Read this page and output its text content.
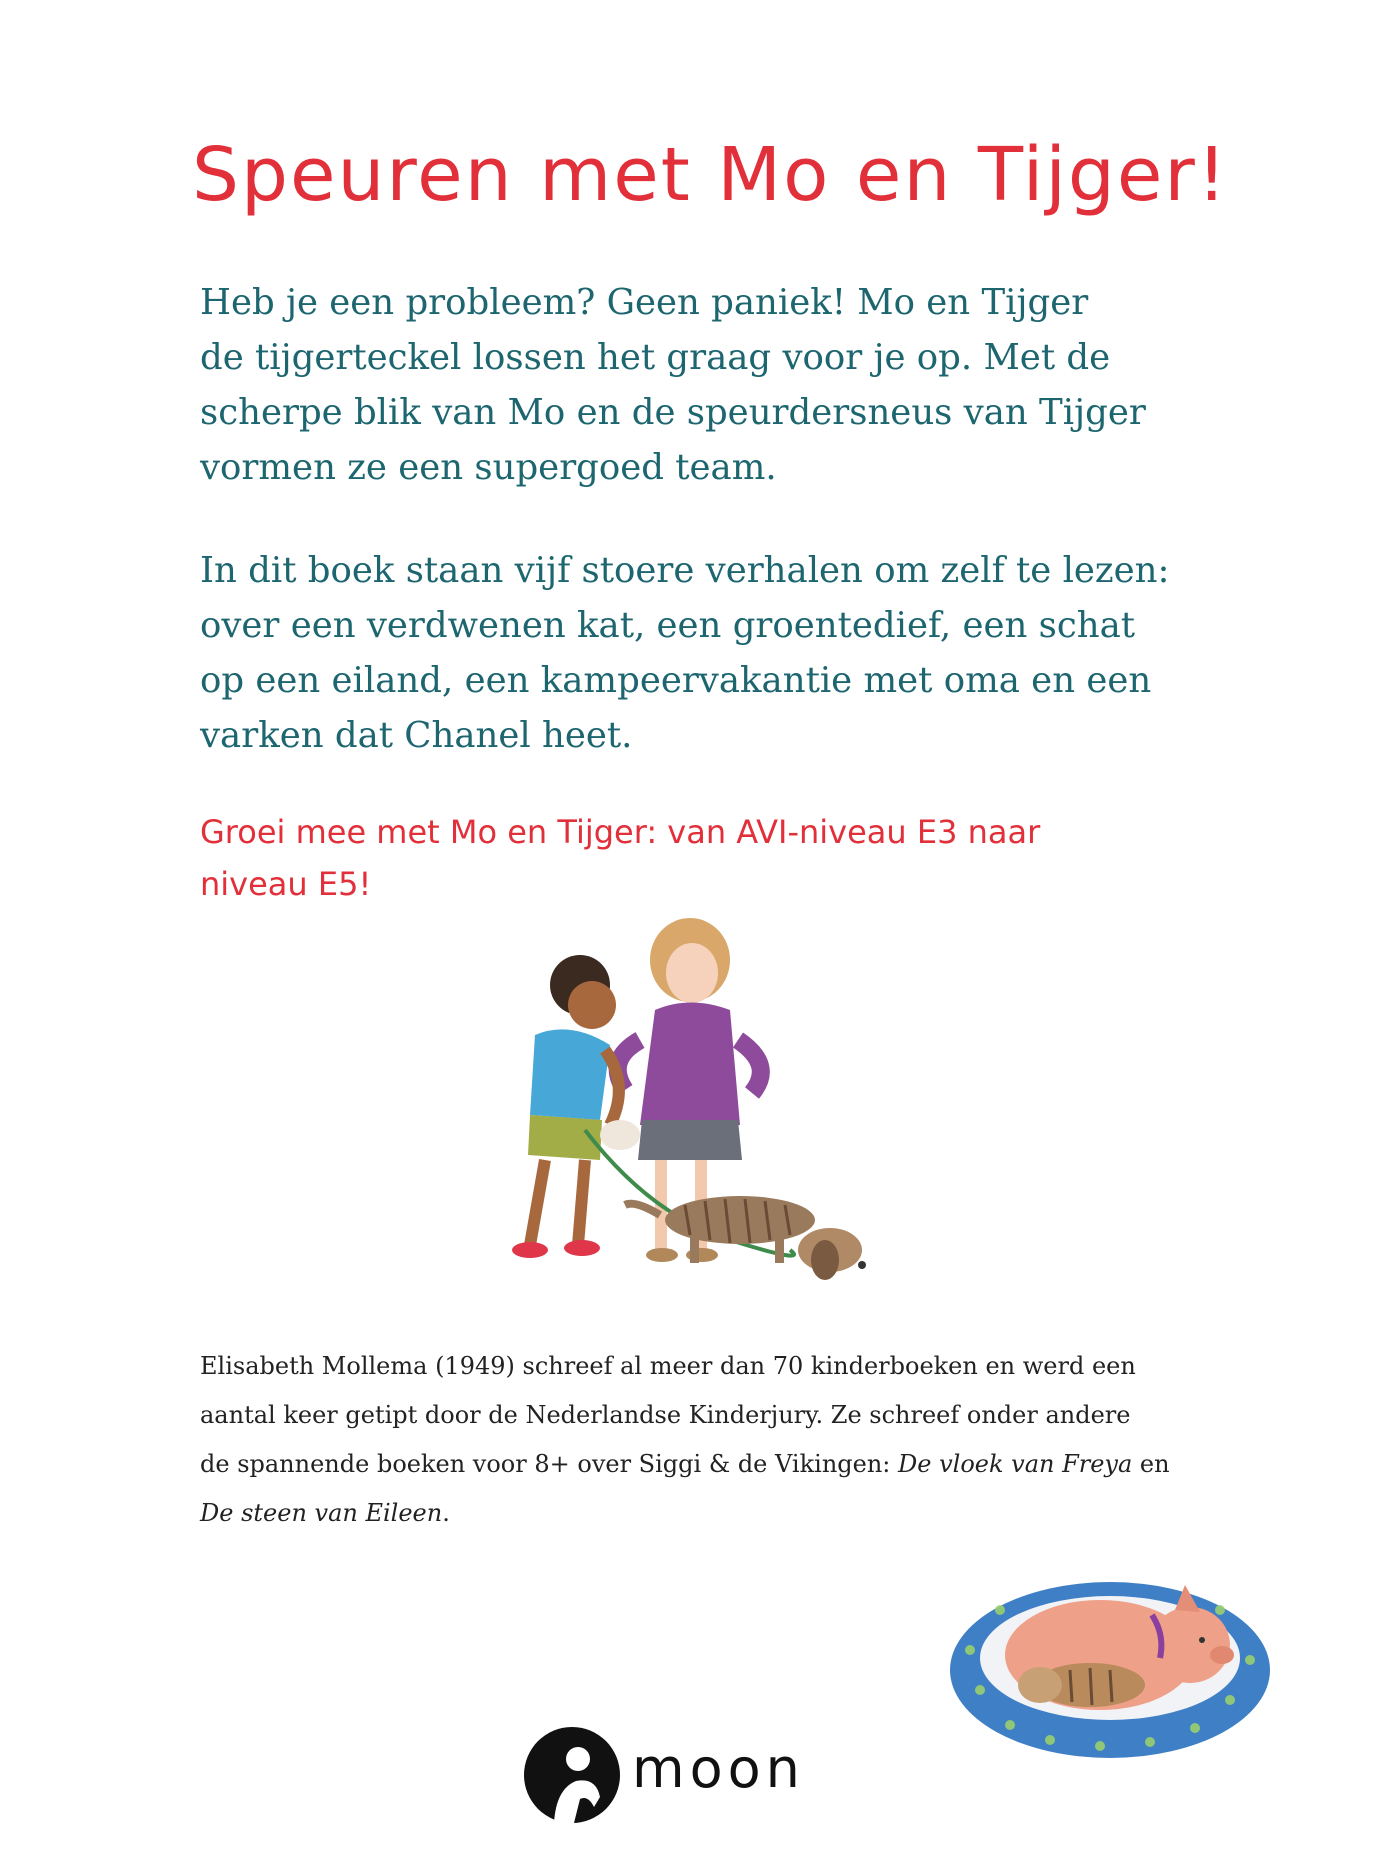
Speuren met Mo en Tijger!

Heb je een probleem? Geen paniek! Mo en Tijger
de tijgerteckel lossen het graag voor je op. Met de
scherpe blik van Mo en de speurdersneus van Tijger
vormen ze een supergoed team.

In dit boek staan vijf stoere verhalen om zelf te lezen:
over een verdwenen kat, een groentedief, een schat
op een eiland, een kampeervakantie met oma en een
varken dat Chanel heet.

Groei mee met Mo en Tijger: van AVI-niveau E3 naar
niveau E5!

Elisabeth Mollema (1949) schreef al meer dan 70 kinderboeken en werd een
aantal keer getipt door de Nederlandse Kinderjury. Ze schreef onder andere
de spannende boeken voor 8+ over Siggi & de Vikingen: De vloek van Freya en
De steen van Eileen.

moon
